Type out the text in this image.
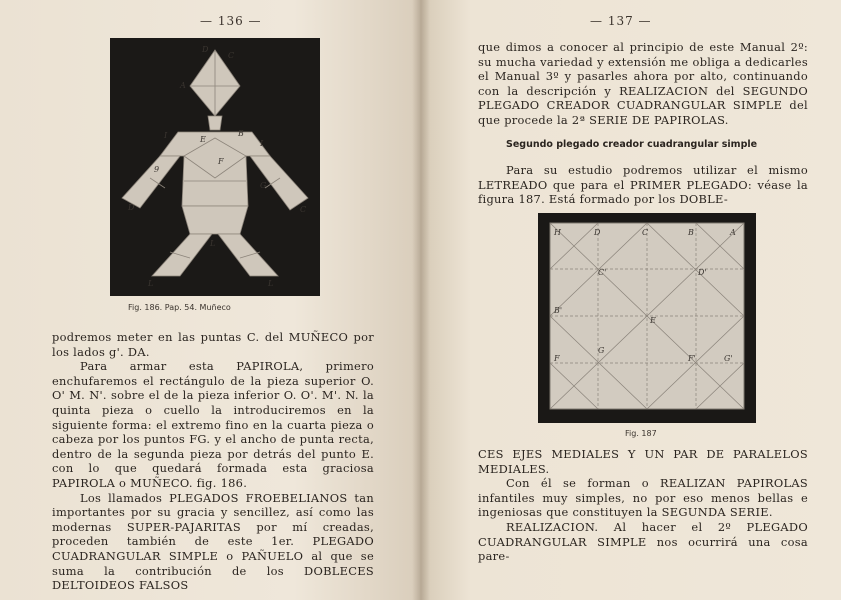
— 136 —
D
C
A
I	B
I
9
E
F
G
D	C
L
L
L
Fig. 186. Pap. 54. Muñeco

podremos meter en las puntas C. del MUÑECO por los lados g'. DA.

Para armar esta PAPIROLA, primero enchufaremos el rectángulo de la pieza superior O. O' M. N'. sobre el de la pieza inferior O. O'. M'. N. la quinta pieza o cuello la introduciremos en la siguiente forma: el extremo fino en la cuarta pieza o cabeza por los puntos FG. y el ancho de punta recta, dentro de la segunda pieza por detrás del punto E. con lo que quedará formada esta graciosa PAPIROLA o MUÑECO. fig. 186.

Los llamados PLEGADOS FROEBELIANOS tan importantes por su gracia y sencillez, así como las modernas SUPER-PAJARITAS por mí creadas, proceden también de este 1er. PLEGADO CUADRANGULAR SIMPLE o PAÑUELO al que se suma la contribución de los DOBLECES DELTOIDEOS FALSOS

— 137 —
que dimos a conocer al principio de este Manual 2º: su mucha variedad y extensión me obliga a dedicarles el Manual 3º y pasarles ahora por alto, continuando con la descripción y REALIZACION del SEGUNDO PLEGADO CREADOR CUADRANGULAR SIMPLE del que procede la 2ª SERIE DE PAPIROLAS.
Segundo plegado creador cuadrangular simple

Para su estudio podremos utilizar el mismo LETREADO que para el PRIMER PLEGADO: véase la figura 187. Está formado por los DOBLE-

H	D	C	B	A
B'
C'	D'
E
F
G
F'	G'
Fig. 187

CES EJES MEDIALES Y UN PAR DE PARALELOS MEDIALES.

Con él se forman o REALIZAN PAPIROLAS infantiles muy simples, no por eso menos bellas e ingeniosas que constituyen la SEGUNDA SERIE.

REALIZACION. Al hacer el 2º PLEGADO CUADRANGULAR SIMPLE nos ocurrirá una cosa pare-
